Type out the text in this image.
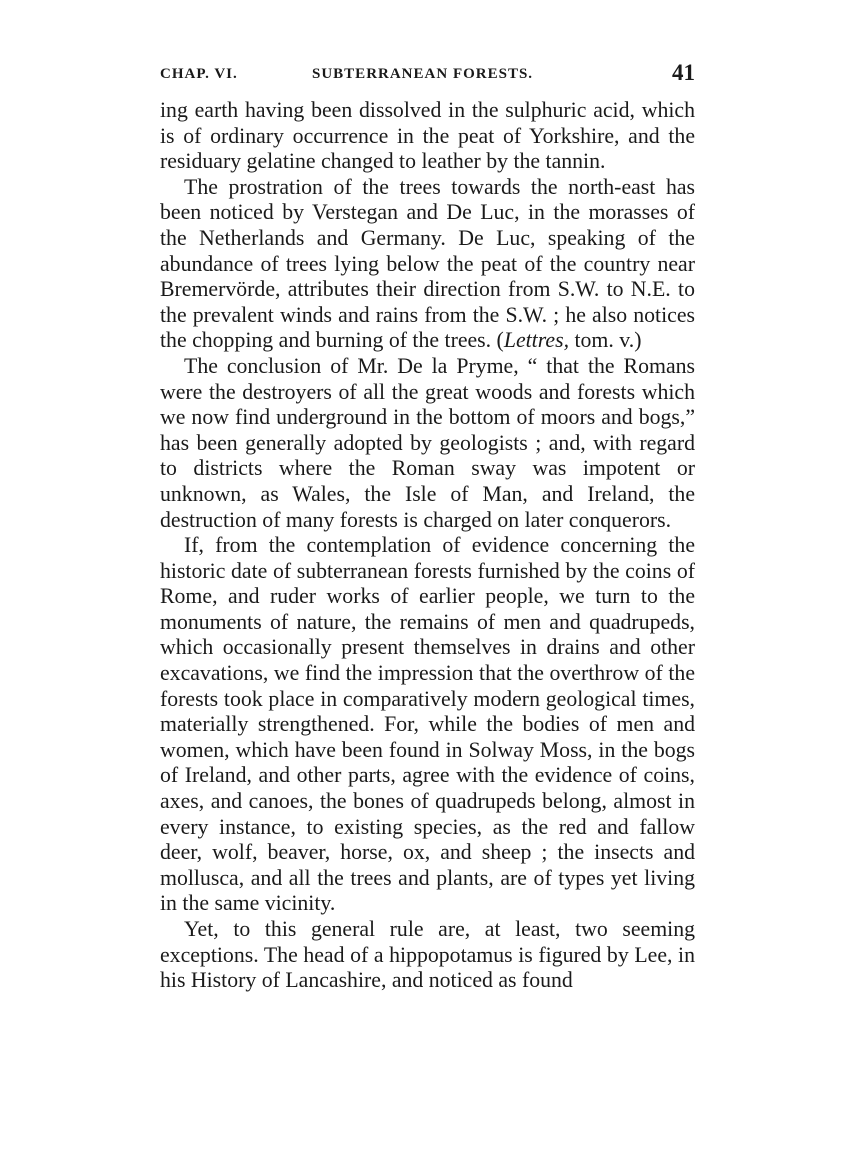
CHAP. VI.	SUBTERRANEAN FORESTS.	41

ing earth having been dissolved in the sulphuric acid, which is of ordinary occurrence in the peat of Yorkshire, and the residuary gelatine changed to leather by the tannin.

The prostration of the trees towards the north-east has been noticed by Verstegan and De Luc, in the morasses of the Netherlands and Germany. De Luc, speaking of the abundance of trees lying below the peat of the country near Bremervörde, attributes their direction from S.W. to N.E. to the prevalent winds and rains from the S.W. ; he also notices the chopping and burning of the trees. (Lettres, tom. v.)

The conclusion of Mr. De la Pryme, “ that the Romans were the destroyers of all the great woods and forests which we now find underground in the bottom of moors and bogs,” has been generally adopted by geologists ; and, with regard to districts where the Roman sway was impotent or unknown, as Wales, the Isle of Man, and Ireland, the destruction of many forests is charged on later conquerors.

If, from the contemplation of evidence concerning the historic date of subterranean forests furnished by the coins of Rome, and ruder works of earlier people, we turn to the monuments of nature, the remains of men and quadrupeds, which occasionally present themselves in drains and other excavations, we find the impression that the overthrow of the forests took place in comparatively modern geological times, materially strengthened. For, while the bodies of men and women, which have been found in Solway Moss, in the bogs of Ireland, and other parts, agree with the evidence of coins, axes, and canoes, the bones of quadrupeds belong, almost in every instance, to existing species, as the red and fallow deer, wolf, beaver, horse, ox, and sheep ; the insects and mollusca, and all the trees and plants, are of types yet living in the same vicinity.

Yet, to this general rule are, at least, two seeming exceptions. The head of a hippopotamus is figured by Lee, in his History of Lancashire, and noticed as found
